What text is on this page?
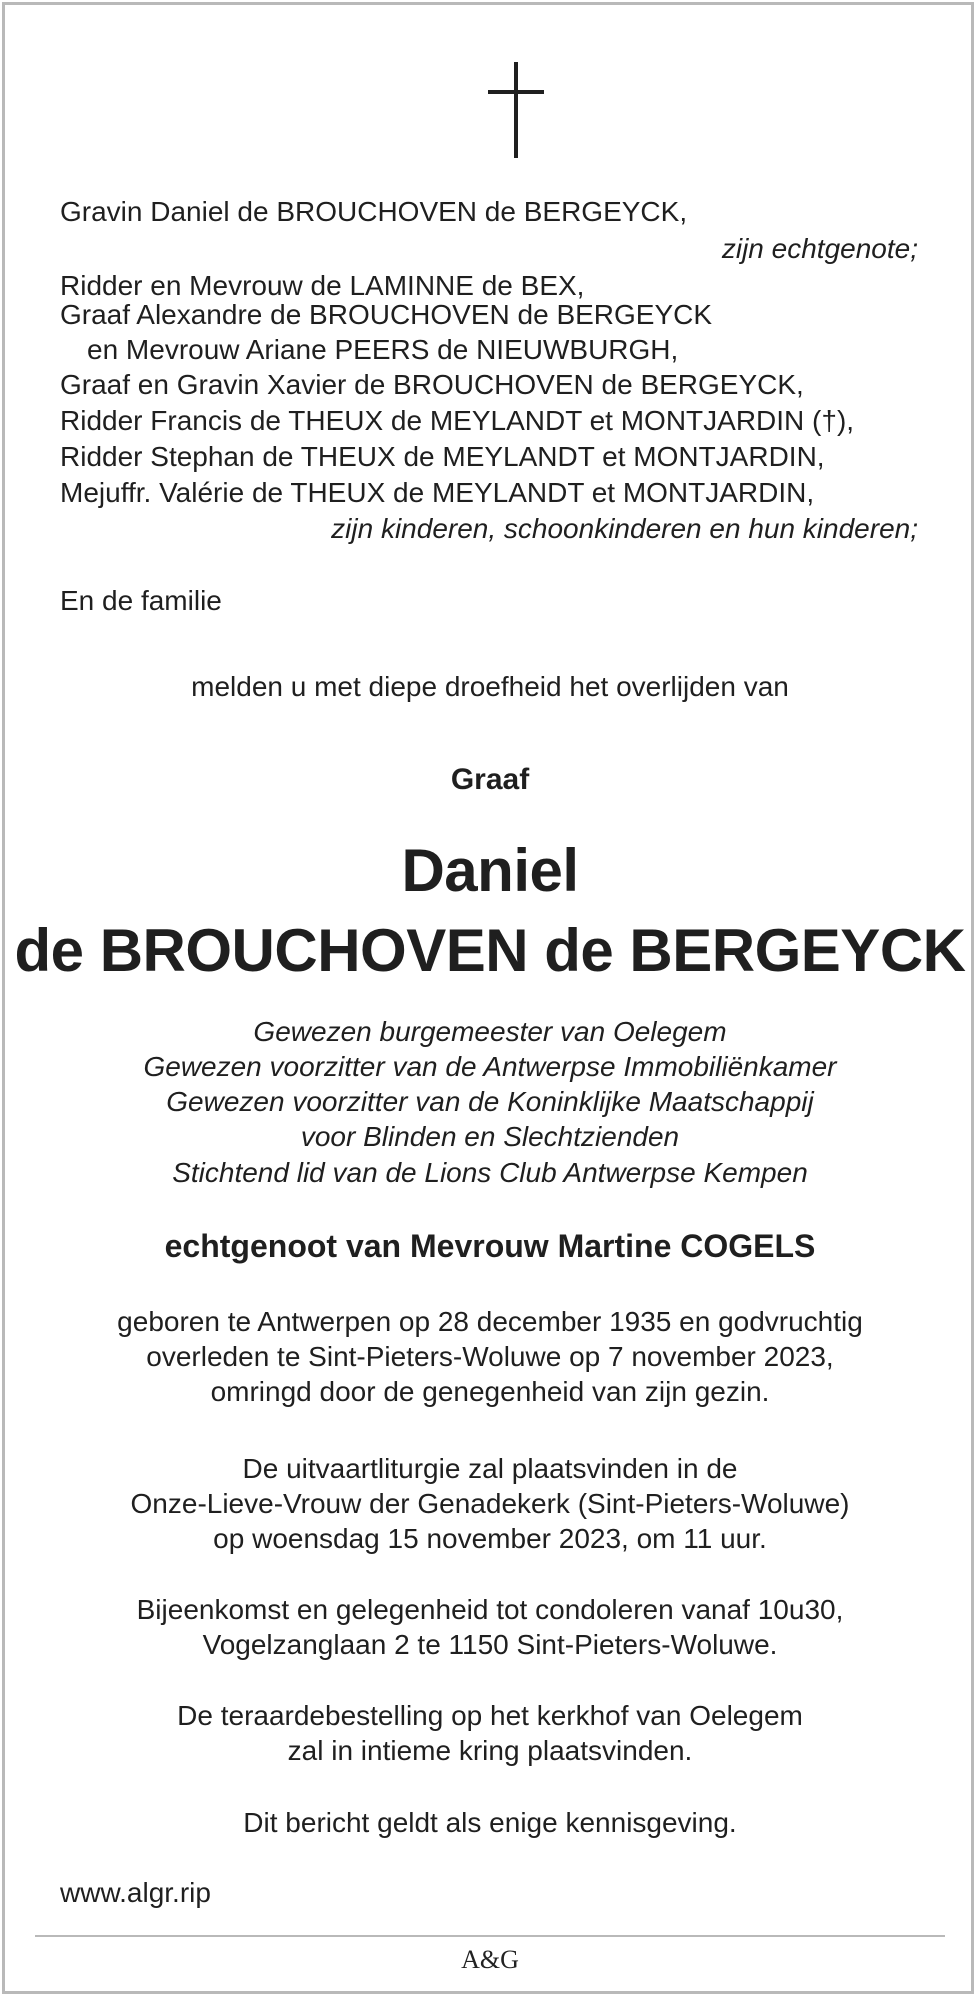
Gravin Daniel de BROUCHOVEN de BERGEYCK,
zijn echtgenote;
Ridder en Mevrouw de LAMINNE de BEX,
Graaf Alexandre de BROUCHOVEN de BERGEYCK
en Mevrouw Ariane PEERS de NIEUWBURGH,
Graaf en Gravin Xavier de BROUCHOVEN de BERGEYCK,
Ridder Francis de THEUX de MEYLANDT et MONTJARDIN (†),
Ridder Stephan de THEUX de MEYLANDT et MONTJARDIN,
Mejuffr. Valérie de THEUX de MEYLANDT et MONTJARDIN,
zijn kinderen, schoonkinderen en hun kinderen;
En de familie
melden u met diepe droefheid het overlijden van
Graaf
Daniel
de BROUCHOVEN de BERGEYCK
Gewezen burgemeester van Oelegem
Gewezen voorzitter van de Antwerpse Immobiliënkamer
Gewezen voorzitter van de Koninklijke Maatschappij
voor Blinden en Slechtzienden
Stichtend lid van de Lions Club Antwerpse Kempen
echtgenoot van Mevrouw Martine COGELS
geboren te Antwerpen op 28 december 1935 en godvruchtig
overleden te Sint-Pieters-Woluwe op 7 november 2023,
omringd door de genegenheid van zijn gezin.
De uitvaartliturgie zal plaatsvinden in de
Onze-Lieve-Vrouw der Genadekerk (Sint-Pieters-Woluwe)
op woensdag 15 november 2023, om 11 uur.
Bijeenkomst en gelegenheid tot condoleren vanaf 10u30,
Vogelzanglaan 2 te 1150 Sint-Pieters-Woluwe.
De teraardebestelling op het kerkhof van Oelegem
zal in intieme kring plaatsvinden.
Dit bericht geldt als enige kennisgeving.
www.algr.rip
A&G
